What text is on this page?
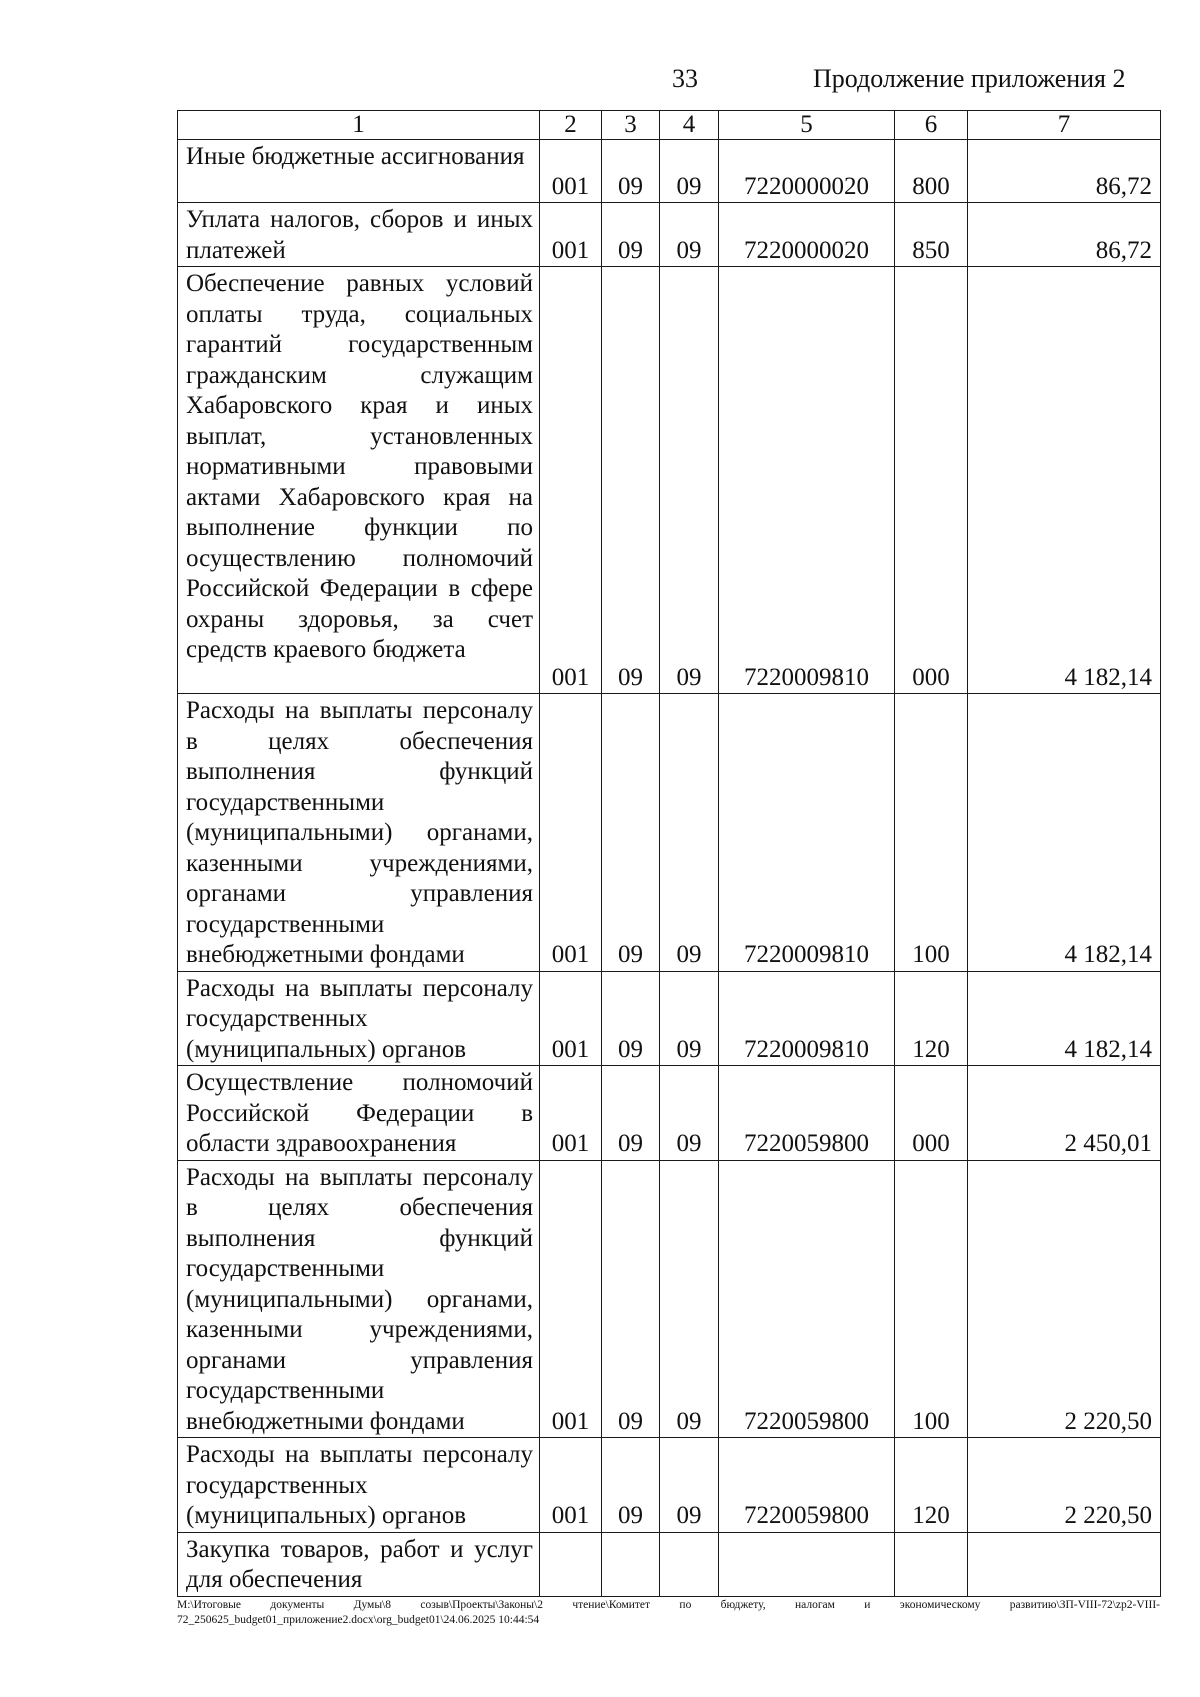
33	Продолжение приложения 2
1	2	3	4	5	6	7
Иные бюджетные ассигнования	001	09	09	7220000020	800	86,72
Уплата налогов, сборов и иных платежей	001	09	09	7220000020	850	86,72
Обеспечение равных условий оплаты труда, социальных гарантий государственным гражданским служащим Хабаровского края и иных выплат, установленных нормативными правовыми актами Хабаровского края на выполнение функции по осуществлению полномочий Российской Федерации в сфере охраны здоровья, за счет средств краевого бюджета	001	09	09	7220009810	000	4 182,14
Расходы на выплаты персоналу в целях обеспечения выполнения функций государственными (муниципальными) органами, казенными учреждениями, органами управления государственными внебюджетными фондами	001	09	09	7220009810	100	4 182,14
Расходы на выплаты персоналу государственных (муниципальных) органов	001	09	09	7220009810	120	4 182,14
Осуществление полномочий Российской Федерации в области здравоохранения	001	09	09	7220059800	000	2 450,01
Расходы на выплаты персоналу в целях обеспечения выполнения функций государственными (муниципальными) органами, казенными учреждениями, органами управления государственными внебюджетными фондами	001	09	09	7220059800	100	2 220,50
Расходы на выплаты персоналу государственных (муниципальных) органов	001	09	09	7220059800	120	2 220,50
Закупка товаров, работ и услуг для обеспечения						
M:\Итоговые документы Думы\8 созыв\Проекты\Законы\2 чтение\Комитет по бюджету, налогам и экономическому развитию\ЗП-VIII-72\zp2-VIII-72_250625_budget01_приложение2.docx\org_budget01\24.06.2025 10:44:54
